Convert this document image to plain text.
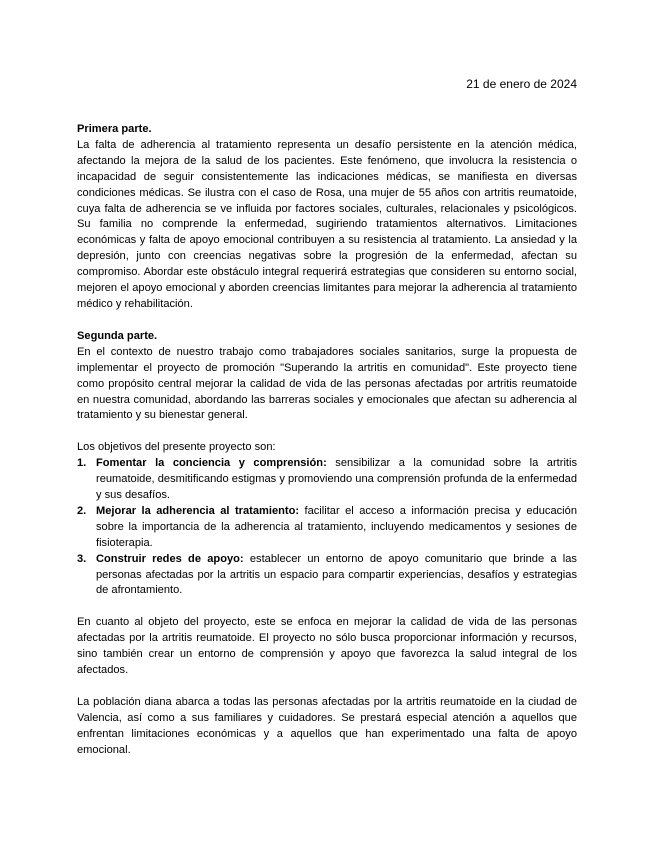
21 de enero de 2024
Primera parte.

La falta de adherencia al tratamiento representa un desafío persistente en la atención médica, afectando la mejora de la salud de los pacientes. Este fenómeno, que involucra la resistencia o incapacidad de seguir consistentemente las indicaciones médicas, se manifiesta en diversas condiciones médicas. Se ilustra con el caso de Rosa, una mujer de 55 años con artritis reumatoide, cuya falta de adherencia se ve influida por factores sociales, culturales, relacionales y psicológicos. Su familia no comprende la enfermedad, sugiriendo tratamientos alternativos. Limitaciones económicas y falta de apoyo emocional contribuyen a su resistencia al tratamiento. La ansiedad y la depresión, junto con creencias negativas sobre la progresión de la enfermedad, afectan su compromiso. Abordar este obstáculo integral requerirá estrategias que consideren su entorno social, mejoren el apoyo emocional y aborden creencias limitantes para mejorar la adherencia al tratamiento médico y rehabilitación.

Segunda parte.

En el contexto de nuestro trabajo como trabajadores sociales sanitarios, surge la propuesta de implementar el proyecto de promoción "Superando la artritis en comunidad". Este proyecto tiene como propósito central mejorar la calidad de vida de las personas afectadas por artritis reumatoide en nuestra comunidad, abordando las barreras sociales y emocionales que afectan su adherencia al tratamiento y su bienestar general.

Los objetivos del presente proyecto son:

1. Fomentar la conciencia y comprensión: sensibilizar a la comunidad sobre la artritis reumatoide, desmitificando estigmas y promoviendo una comprensión profunda de la enfermedad y sus desafíos.
2. Mejorar la adherencia al tratamiento: facilitar el acceso a información precisa y educación sobre la importancia de la adherencia al tratamiento, incluyendo medicamentos y sesiones de fisioterapia.
3. Construir redes de apoyo: establecer un entorno de apoyo comunitario que brinde a las personas afectadas por la artritis un espacio para compartir experiencias, desafíos y estrategias de afrontamiento.

En cuanto al objeto del proyecto, este se enfoca en mejorar la calidad de vida de las personas afectadas por la artritis reumatoide. El proyecto no sólo busca proporcionar información y recursos, sino también crear un entorno de comprensión y apoyo que favorezca la salud integral de los afectados.

La población diana abarca a todas las personas afectadas por la artritis reumatoide en la ciudad de Valencia, así como a sus familiares y cuidadores. Se prestará especial atención a aquellos que enfrentan limitaciones económicas y a aquellos que han experimentado una falta de apoyo emocional.
